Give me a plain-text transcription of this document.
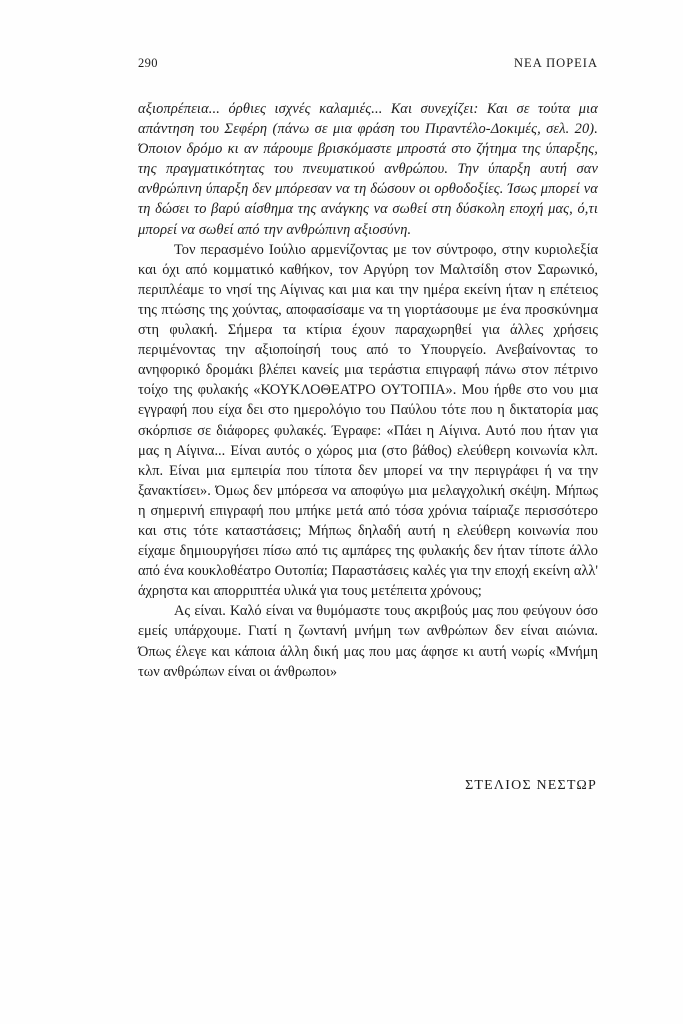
290	ΝΕΑ ΠΟΡΕΙΑ

αξιοπρέπεια... όρθιες ισχνές καλαμιές... Και συνεχίζει: Και σε τούτα μια απάντηση του Σεφέρη (πάνω σε μια φράση του Πιραντέλο-Δοκιμές, σελ. 20). Όποιον δρόμο κι αν πάρουμε βρισκόμαστε μπροστά στο ζήτημα της ύπαρξης, της πραγματικότητας του πνευματικού ανθρώπου. Την ύπαρξη αυτή σαν ανθρώπινη ύπαρξη δεν μπόρεσαν να τη δώσουν οι ορθοδοξίες. Ίσως μπορεί να τη δώσει το βαρύ αίσθημα της ανάγκης να σωθεί στη δύσκολη εποχή μας, ό,τι μπορεί να σωθεί από την ανθρώπινη αξιοσύνη.

Τον περασμένο Ιούλιο αρμενίζοντας με τον σύντροφο, στην κυριολεξία και όχι από κομματικό καθήκον, τον Αργύρη τον Μαλτσίδη στον Σαρωνικό, περιπλέαμε το νησί της Αίγινας και μια και την ημέρα εκείνη ήταν η επέτειος της πτώσης της χούντας, αποφασίσαμε να τη γιορτάσουμε με ένα προσκύνημα στη φυλακή. Σήμερα τα κτίρια έχουν παραχωρηθεί για άλλες χρήσεις περιμένοντας την αξιοποίησή τους από το Υπουργείο. Ανεβαίνοντας το ανηφορικό δρομάκι βλέπει κανείς μια τεράστια επιγραφή πάνω στον πέτρινο τοίχο της φυλακής «ΚΟΥΚΛΟΘΕΑΤΡΟ ΟΥΤΟΠΙΑ». Μου ήρθε στο νου μια εγγραφή που είχα δει στο ημερολόγιο του Παύλου τότε που η δικτατορία μας σκόρπισε σε διάφορες φυλακές. Έγραφε: «Πάει η Αίγινα. Αυτό που ήταν για μας η Αίγινα... Είναι αυτός ο χώρος μια (στο βάθος) ελεύθερη κοινωνία κλπ. κλπ. Είναι μια εμπειρία που τίποτα δεν μπορεί να την περιγράφει ή να την ξανακτίσει». Όμως δεν μπόρεσα να αποφύγω μια μελαγχολική σκέψη. Μήπως η σημερινή επιγραφή που μπήκε μετά από τόσα χρόνια ταίριαζε περισσότερο και στις τότε καταστάσεις; Μήπως δηλαδή αυτή η ελεύθερη κοινωνία που είχαμε δημιουργήσει πίσω από τις αμπάρες της φυλακής δεν ήταν τίποτε άλλο από ένα κουκλοθέατρο Ουτοπία; Παραστάσεις καλές για την εποχή εκείνη αλλ' άχρηστα και απορριπτέα υλικά για τους μετέπειτα χρόνους;

Ας είναι. Καλό είναι να θυμόμαστε τους ακριβούς μας που φεύγουν όσο εμείς υπάρχουμε. Γιατί η ζωντανή μνήμη των ανθρώπων δεν είναι αιώνια. Όπως έλεγε και κάποια άλλη δική μας που μας άφησε κι αυτή νωρίς «Μνήμη των ανθρώπων είναι οι άνθρωποι»

ΣΤΕΛΙΟΣ ΝΕΣΤΩΡ
